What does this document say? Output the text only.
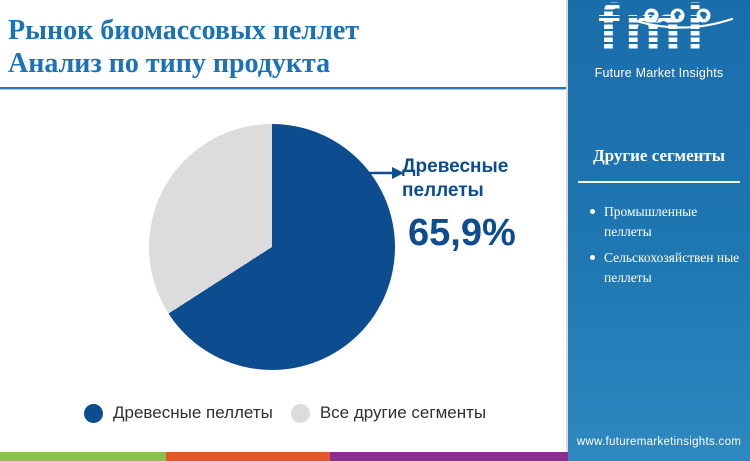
Рынок биомассовых пеллет
Анализ по типу продукта
Древесные пеллеты
65,9%
Древесные пеллеты	Все другие сегменты
fmi
Future Market Insights
Другие сегменты
Промышленные пеллеты
Сельскохозяйствен ные пеллеты
www.futuremarketinsights.com
